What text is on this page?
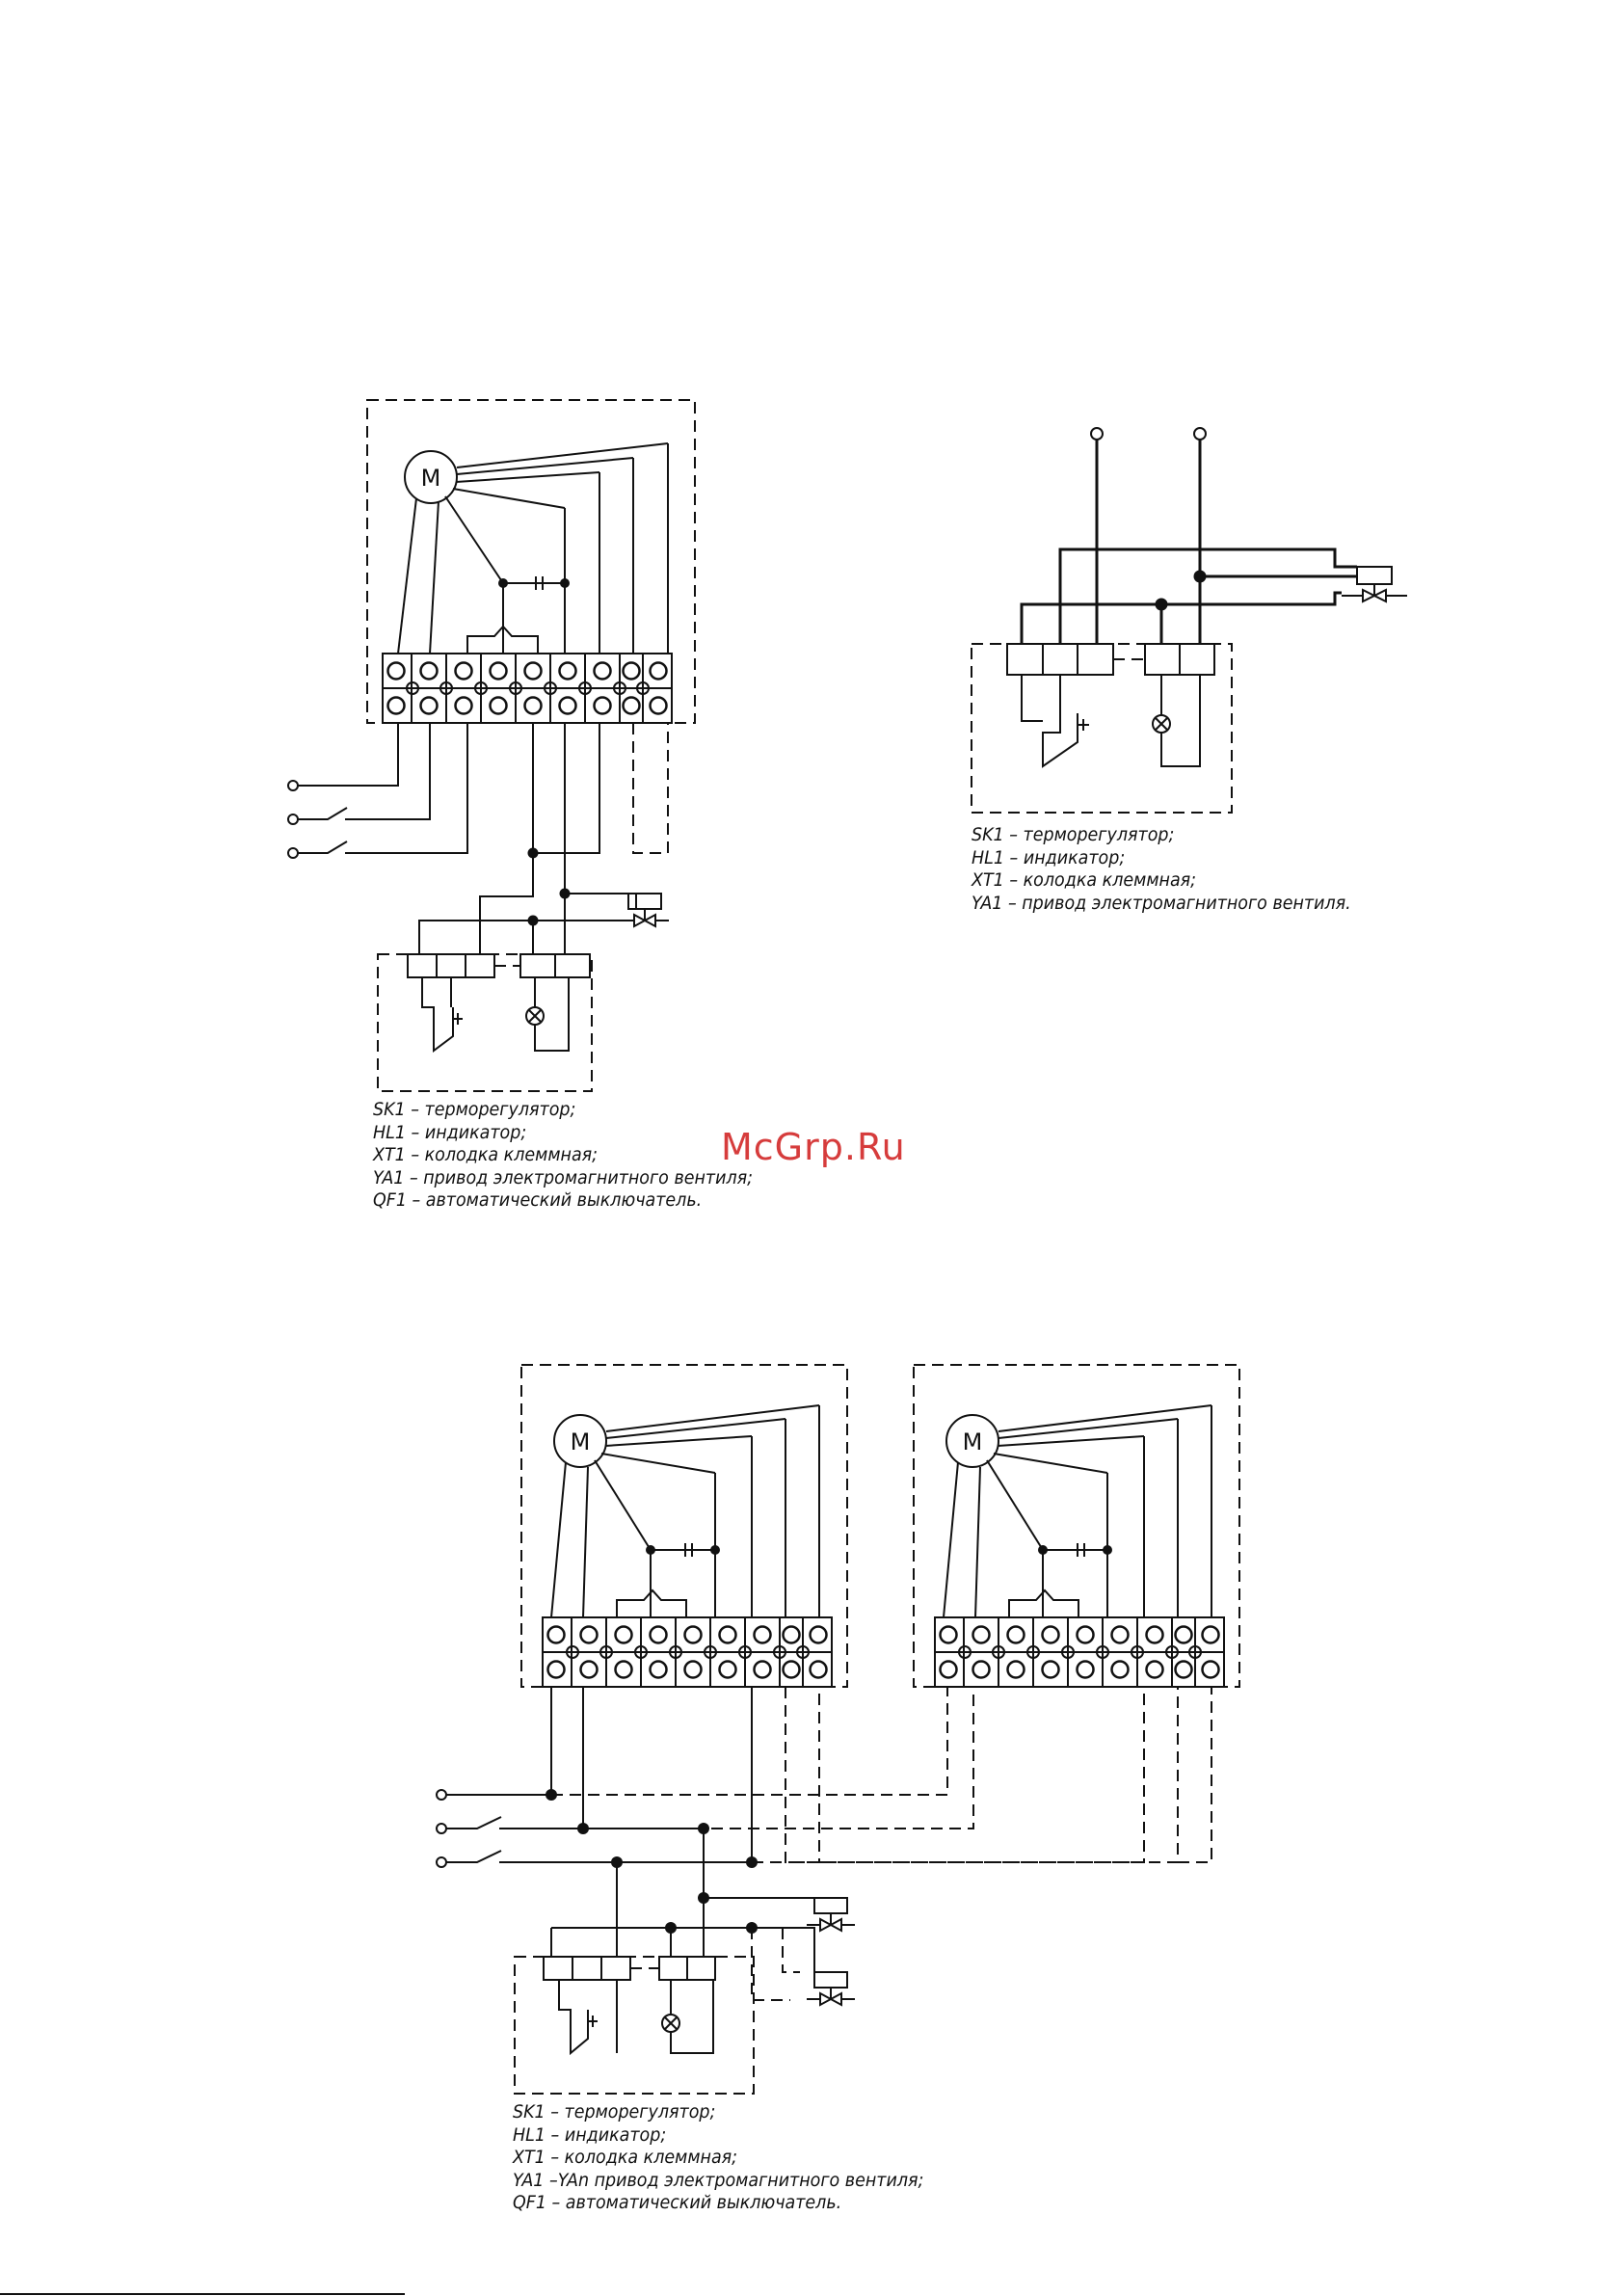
M
M	M
SK1 – терморегулятор;
HL1 – индикатор;
XT1 – колодка клеммная;
YA1 – привод электромагнитного вентиля;
QF1 – автоматический выключатель.
SK1 – терморегулятор;
HL1 – индикатор;
XT1 – колодка клеммная;
YA1 – привод электромагнитного вентиля.
SK1 – терморегулятор;
HL1 – индикатор;
XT1 – колодка клеммная;
YA1 –YAn привод электромагнитного вентиля;
QF1 – автоматический выключатель.
McGrp.Ru
